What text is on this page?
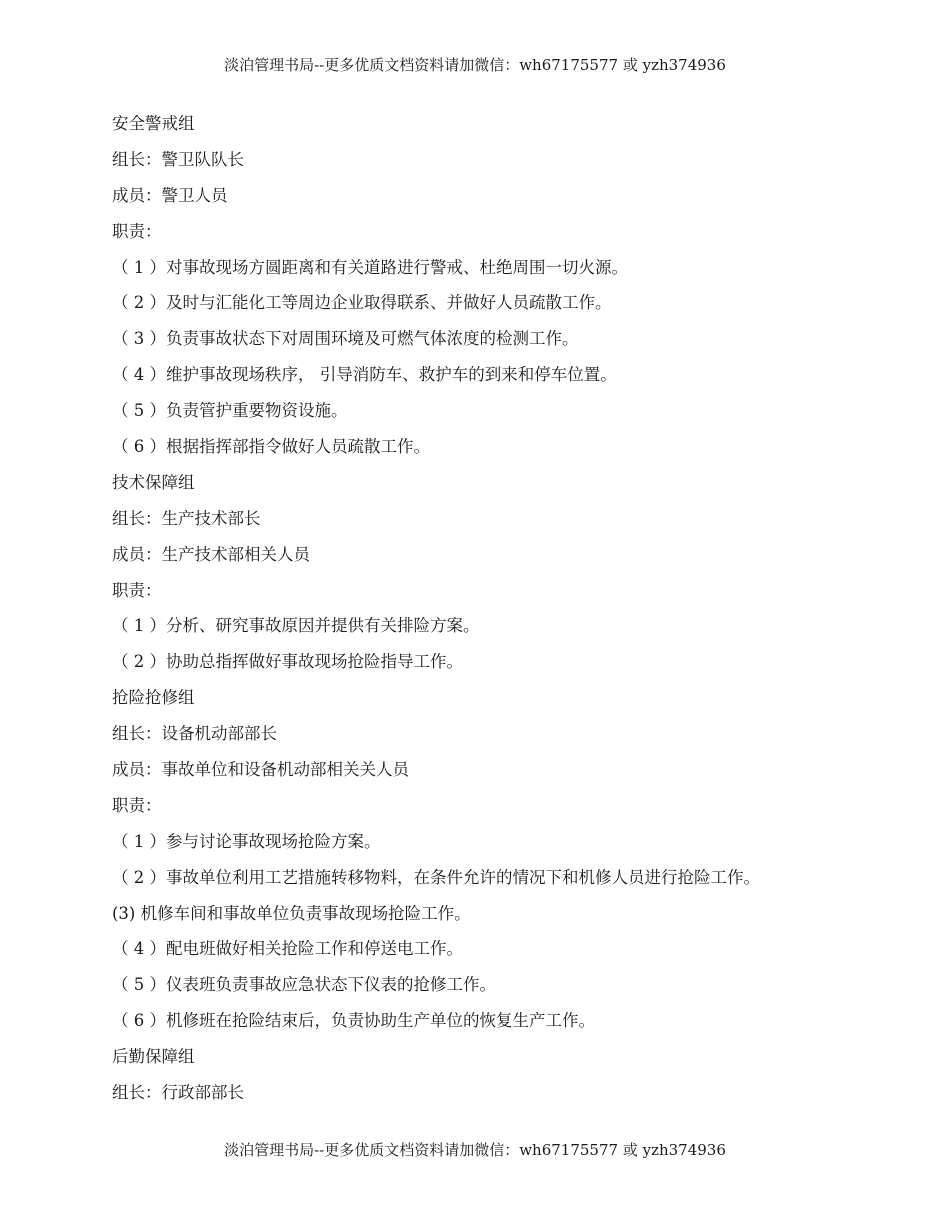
淡泊管理书局--更多优质文档资料请加微信：wh67175577 或 yzh374936
安全警戒组
组长：警卫队队长
成员：警卫人员
职责：
（ 1 ）对事故现场方圆距离和有关道路进行警戒、杜绝周围一切火源。
（ 2 ）及时与汇能化工等周边企业取得联系、并做好人员疏散工作。
（ 3 ）负责事故状态下对周围环境及可燃气体浓度的检测工作。
（ 4 ）维护事故现场秩序， 引导消防车、救护车的到来和停车位置。
（ 5 ）负责管护重要物资设施。
（ 6 ）根据指挥部指令做好人员疏散工作。
技术保障组
组长：生产技术部长
成员：生产技术部相关人员
职责：
（ 1 ）分析、研究事故原因并提供有关排险方案。
（ 2 ）协助总指挥做好事故现场抢险指导工作。
抢险抢修组
组长：设备机动部部长
成员：事故单位和设备机动部相关关人员
职责：
（ 1 ）参与讨论事故现场抢险方案。
（ 2 ）事故单位利用工艺措施转移物料，在条件允许的情况下和机修人员进行抢险工作。
(3) 机修车间和事故单位负责事故现场抢险工作。
（ 4 ）配电班做好相关抢险工作和停送电工作。
（ 5 ）仪表班负责事故应急状态下仪表的抢修工作。
（ 6 ）机修班在抢险结束后，负责协助生产单位的恢复生产工作。
后勤保障组
组长：行政部部长
淡泊管理书局--更多优质文档资料请加微信：wh67175577 或 yzh374936
